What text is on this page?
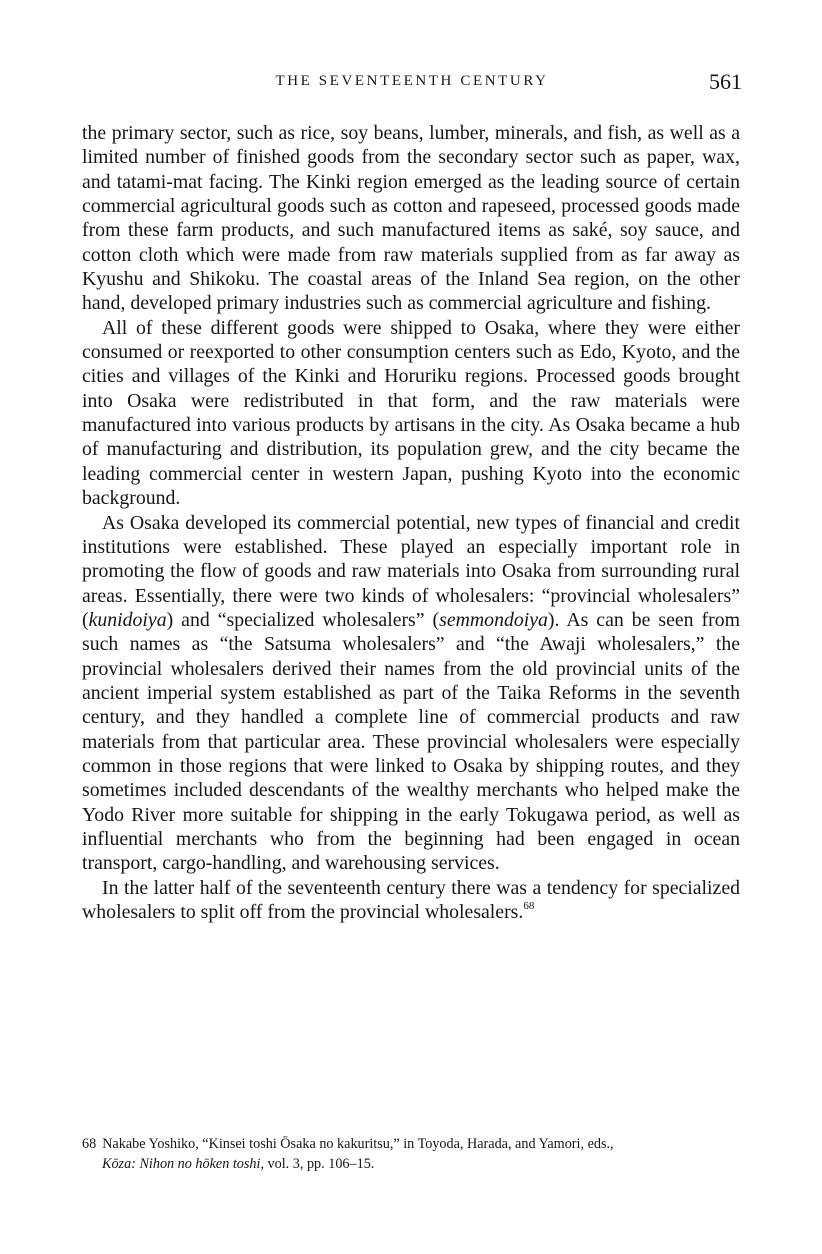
THE SEVENTEENTH CENTURY	561

the primary sector, such as rice, soy beans, lumber, minerals, and fish, as well as a limited number of finished goods from the secondary sector such as paper, wax, and tatami-mat facing. The Kinki region emerged as the leading source of certain commercial agricultural goods such as cotton and rapeseed, processed goods made from these farm products, and such manufactured items as saké, soy sauce, and cotton cloth which were made from raw materials supplied from as far away as Kyushu and Shikoku. The coastal areas of the Inland Sea region, on the other hand, developed primary industries such as commercial agriculture and fishing.

All of these different goods were shipped to Osaka, where they were either consumed or reexported to other consumption centers such as Edo, Kyoto, and the cities and villages of the Kinki and Horuriku regions. Processed goods brought into Osaka were redistributed in that form, and the raw materials were manufactured into various products by artisans in the city. As Osaka became a hub of manufacturing and distribution, its population grew, and the city became the leading commercial center in western Japan, pushing Kyoto into the economic background.

As Osaka developed its commercial potential, new types of financial and credit institutions were established. These played an especially important role in promoting the flow of goods and raw materials into Osaka from surrounding rural areas. Essentially, there were two kinds of wholesalers: “provincial wholesalers” (kunidoiya) and “specialized wholesalers” (semmondoiya). As can be seen from such names as “the Satsuma wholesalers” and “the Awaji wholesalers,” the provincial wholesalers derived their names from the old provincial units of the ancient imperial system established as part of the Taika Reforms in the seventh century, and they handled a complete line of commercial products and raw materials from that particular area. These provincial wholesalers were especially common in those regions that were linked to Osaka by shipping routes, and they sometimes included descendants of the wealthy merchants who helped make the Yodo River more suitable for shipping in the early Tokugawa period, as well as influential merchants who from the beginning had been engaged in ocean transport, cargo-handling, and warehousing services.

In the latter half of the seventeenth century there was a tendency for specialized wholesalers to split off from the provincial wholesalers.$^{68}$

68 Nakabe Yoshiko, “Kinsei toshi Ōsaka no kakuritsu,” in Toyoda, Harada, and Yamori, eds.,
Kōza: Nihon no hōken toshi, vol. 3, pp. 106–15.
